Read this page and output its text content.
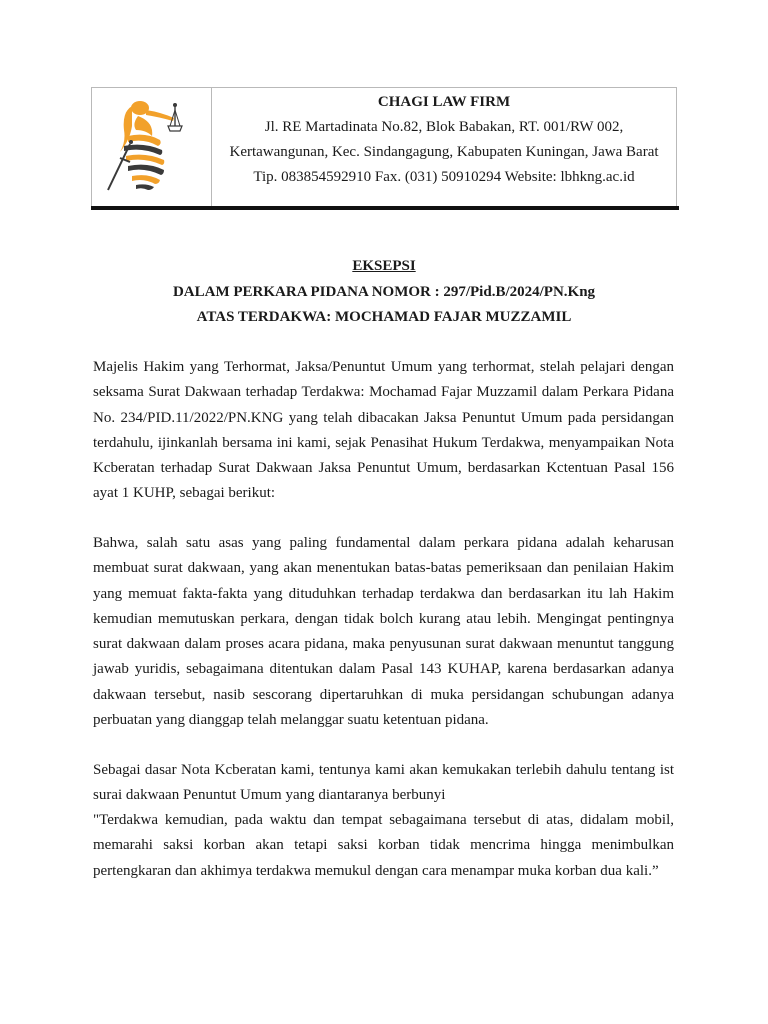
CHAGI LAW FIRM
Jl. RE Martadinata No.82, Blok Babakan, RT. 001/RW 002,
Kertawangunan, Kec. Sindangagung, Kabupaten Kuningan, Jawa Barat
Tip. 083854592910 Fax. (031) 50910294 Website: lbhkng.ac.id
EKSEPSI
DALAM PERKARA PIDANA NOMOR : 297/Pid.B/2024/PN.Kng
ATAS TERDAKWA: MOCHAMAD FAJAR MUZZAMIL

Majelis Hakim yang Terhormat, Jaksa/Penuntut Umum yang terhormat, stelah pelajari dengan seksama Surat Dakwaan terhadap Terdakwa: Mochamad Fajar Muzzamil dalam Perkara Pidana No. 234/PID.11/2022/PN.KNG yang telah dibacakan Jaksa Penuntut Umum pada persidangan terdahulu, ijinkanlah bersama ini kami, sejak Penasihat Hukum Terdakwa, menyampaikan Nota Kcberatan terhadap Surat Dakwaan Jaksa Penuntut Umum, berdasarkan Kctentuan Pasal 156 ayat 1 KUHP, sebagai berikut:

Bahwa, salah satu asas yang paling fundamental dalam perkara pidana adalah keharusan membuat surat dakwaan, yang akan menentukan batas-batas pemeriksaan dan penilaian Hakim yang memuat fakta-fakta yang dituduhkan terhadap terdakwa dan berdasarkan itu lah Hakim kemudian memutuskan perkara, dengan tidak bolch kurang atau lebih. Mengingat pentingnya surat dakwaan dalam proses acara pidana, maka penyusunan surat dakwaan menuntut tanggung jawab yuridis, sebagaimana ditentukan dalam Pasal 143 KUHAP, karena berdasarkan adanya dakwaan tersebut, nasib sescorang dipertaruhkan di muka persidangan schubungan adanya perbuatan yang dianggap telah melanggar suatu ketentuan pidana.

Sebagai dasar Nota Kcberatan kami, tentunya kami akan kemukakan terlebih dahulu tentang ist surai dakwaan Penuntut Umum yang diantaranya berbunyi

"Terdakwa kemudian, pada waktu dan tempat sebagaimana tersebut di atas, didalam mobil, memarahi saksi korban akan tetapi saksi korban tidak mencrima hingga menimbulkan pertengkaran dan akhimya terdakwa memukul dengan cara menampar muka korban dua kali.”
